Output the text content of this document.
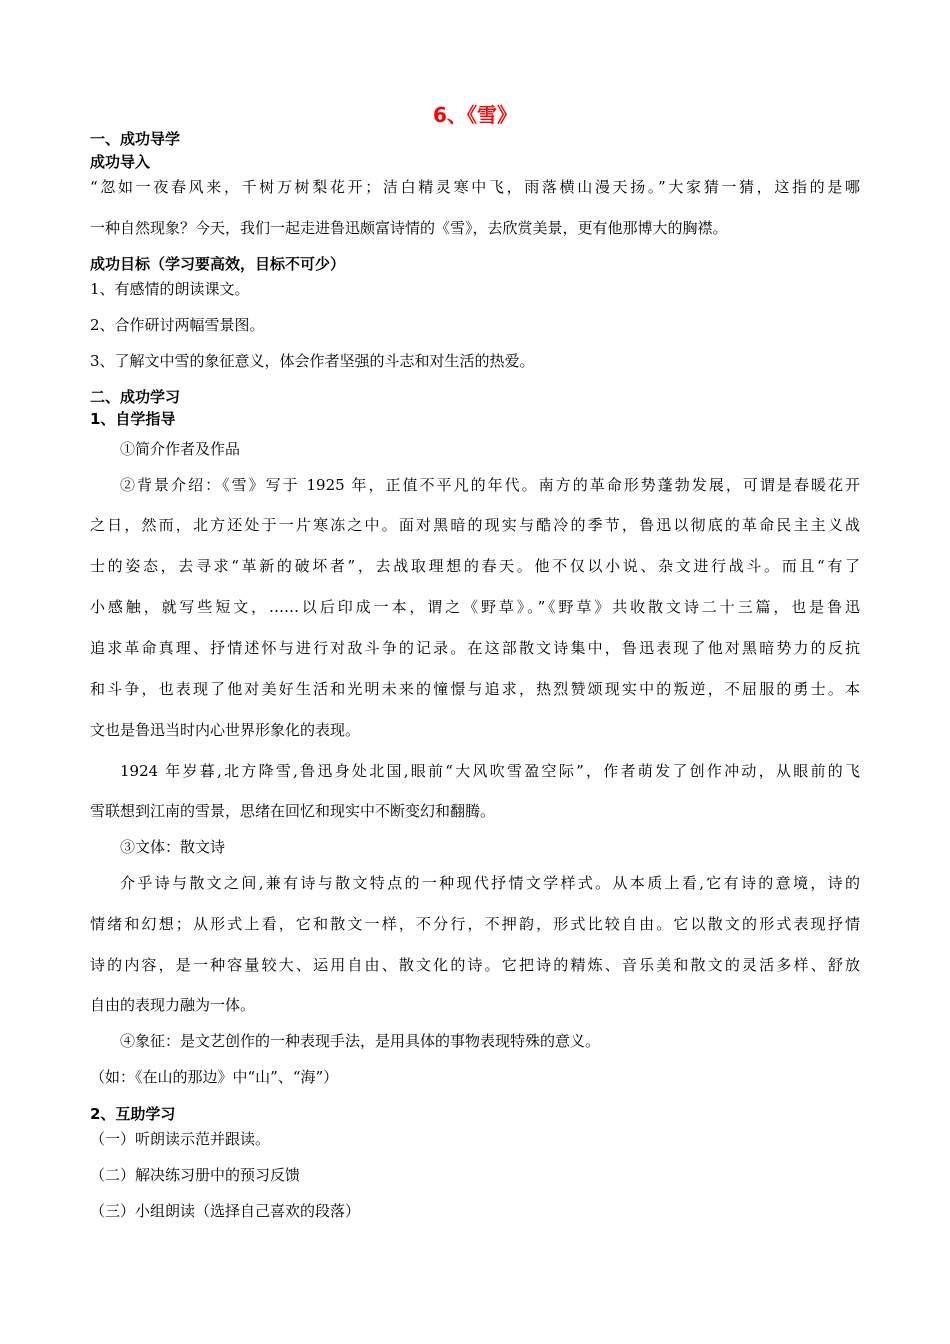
6、《雪》
一、成功导学
成功导入
“忽如一夜春风来，千树万树梨花开；洁白精灵寒中飞，雨落横山漫天扬。”大家猜一猜，这指的是哪
一种自然现象？今天，我们一起走进鲁迅颇富诗情的《雪》，去欣赏美景，更有他那博大的胸襟。
成功目标（学习要高效，目标不可少）
1、有感情的朗读课文。
2、合作研讨两幅雪景图。
3、了解文中雪的象征意义，体会作者坚强的斗志和对生活的热爱。
二、成功学习
1、自学指导
①简介作者及作品
②背景介绍：《雪》写于 1925 年，正值不平凡的年代。南方的革命形势蓬勃发展，可谓是春暖花开
之日，然而，北方还处于一片寒冻之中。面对黑暗的现实与酷冷的季节，鲁迅以彻底的革命民主主义战
士的姿态，去寻求“革新的破坏者”，去战取理想的春天。他不仅以小说、杂文进行战斗。而且“有了
小感触，就写些短文，……以后印成一本，谓之《野草》。”《野草》共收散文诗二十三篇，也是鲁迅
追求革命真理、抒情述怀与进行对敌斗争的记录。在这部散文诗集中，鲁迅表现了他对黑暗势力的反抗
和斗争，也表现了他对美好生活和光明未来的憧憬与追求，热烈赞颂现实中的叛逆，不屈服的勇士。本
文也是鲁迅当时内心世界形象化的表现。
1924 年岁暮,北方降雪,鲁迅身处北国,眼前“大风吹雪盈空际”，作者萌发了创作冲动，从眼前的飞
雪联想到江南的雪景，思绪在回忆和现实中不断变幻和翻腾。
③文体：散文诗
介乎诗与散文之间,兼有诗与散文特点的一种现代抒情文学样式。从本质上看,它有诗的意境，诗的
情绪和幻想；从形式上看，它和散文一样，不分行，不押韵，形式比较自由。它以散文的形式表现抒情
诗的内容，是一种容量较大、运用自由、散文化的诗。它把诗的精炼、音乐美和散文的灵活多样、舒放
自由的表现力融为一体。
④象征：是文艺创作的一种表现手法，是用具体的事物表现特殊的意义。
（如：《在山的那边》中“山”、“海”）
2、互助学习
（一）听朗读示范并跟读。
（二）解决练习册中的预习反馈
（三）小组朗读（选择自己喜欢的段落）
